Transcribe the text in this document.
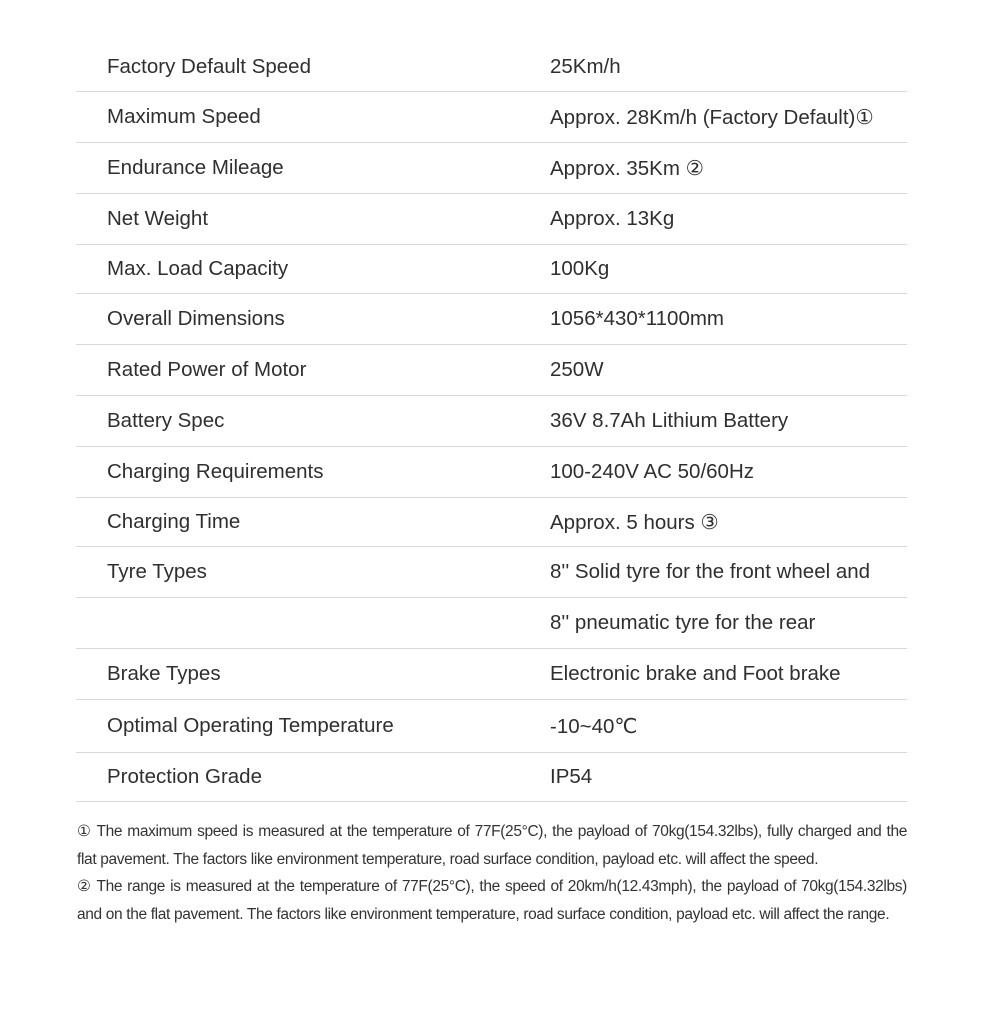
Factory Default Speed	25Km/h
Maximum Speed	Approx. 28Km/h (Factory Default)①
Endurance Mileage	Approx. 35Km ②
Net Weight	Approx. 13Kg
Max. Load Capacity	100Kg
Overall Dimensions	1056*430*1100mm
Rated Power of Motor	250W
Battery Spec	36V 8.7Ah Lithium Battery
Charging Requirements	100-240V AC 50/60Hz
Charging Time	Approx. 5 hours ③
Tyre Types	8'' Solid tyre for the front wheel and
8'' pneumatic tyre for the rear
Brake Types	Electronic brake and Foot brake
Optimal Operating Temperature	-10~40℃
Protection Grade	IP54

① The maximum speed is measured at the temperature of 77F(25°C), the payload of 70kg(154.32lbs), fully charged and the flat pavement. The factors like environment temperature, road surface condition, payload etc. will affect the speed.

② The range is measured at the temperature of 77F(25°C), the speed of 20km/h(12.43mph), the payload of 70kg(154.32lbs) and on the flat pavement. The factors like environment temperature, road surface condition, payload etc. will affect the range.
